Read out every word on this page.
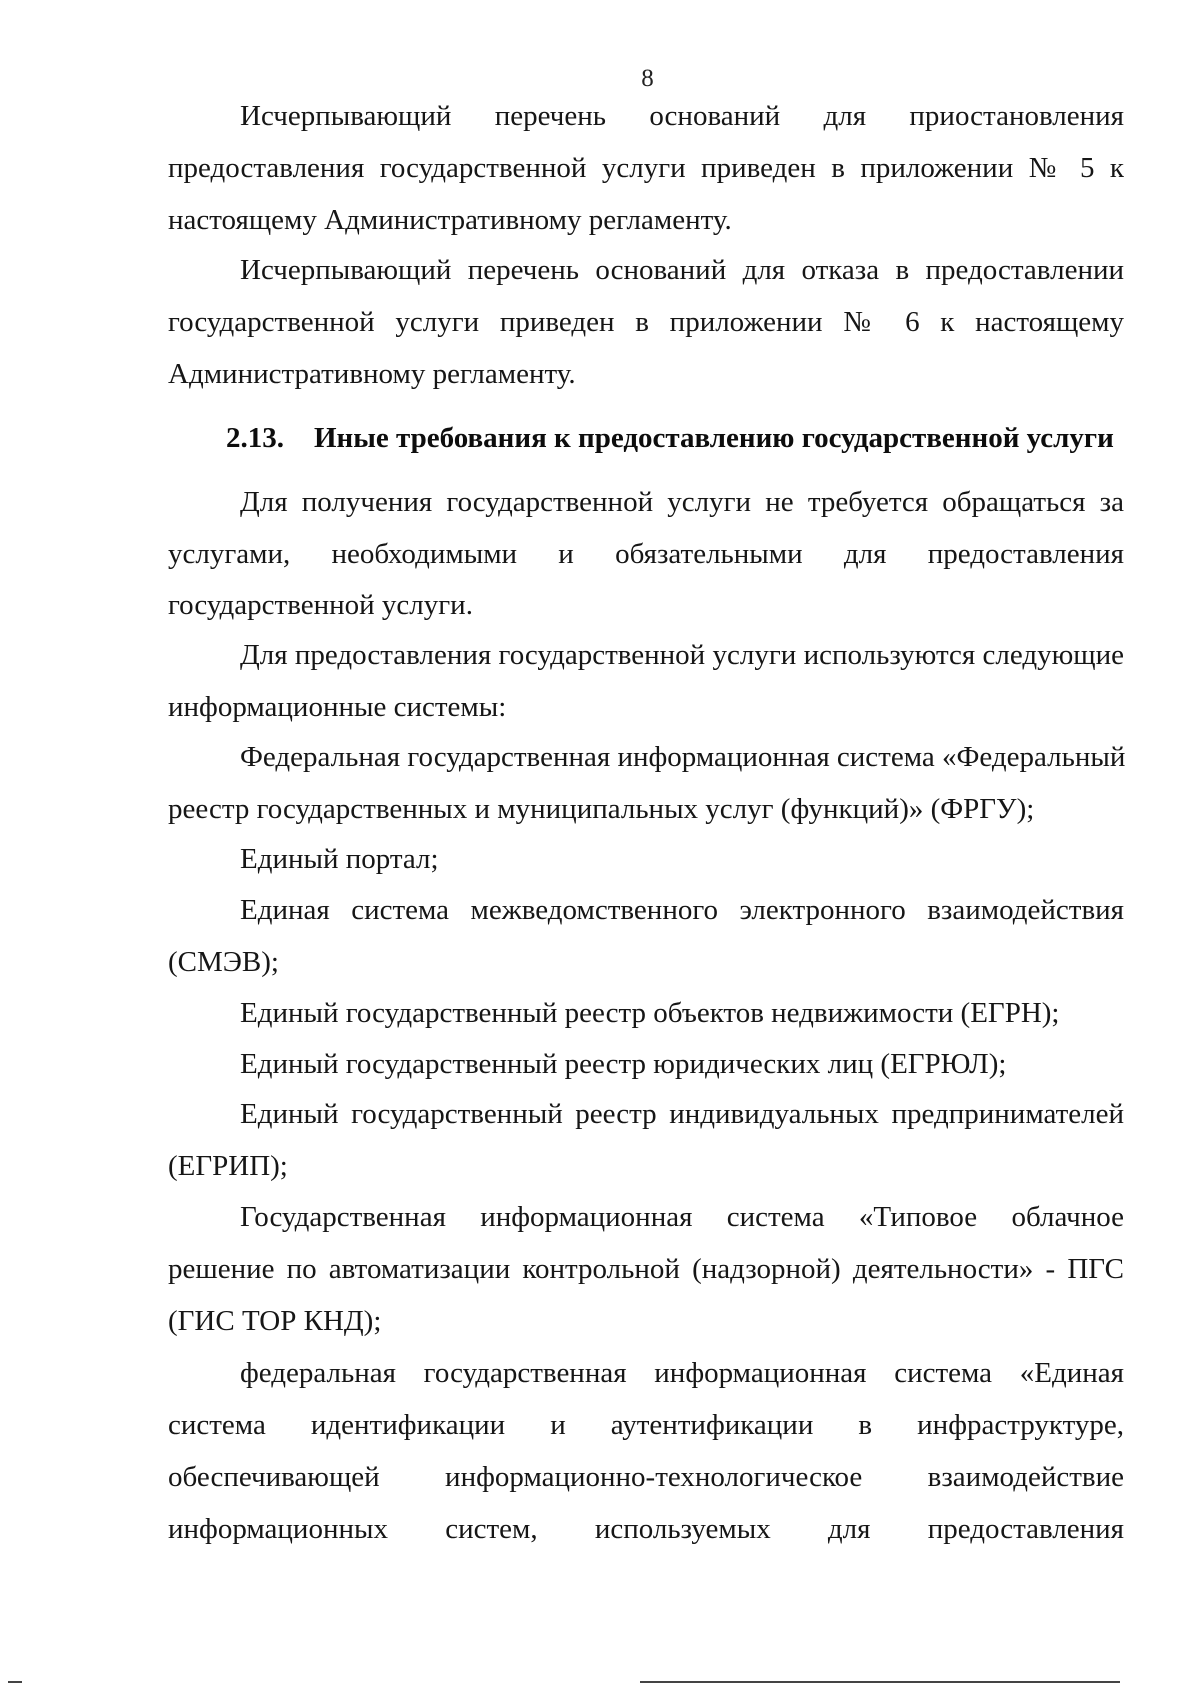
8
Исчерпывающий перечень оснований для приостановления
предоставления государственной услуги приведен в приложении № 5 к
настоящему Административному регламенту.
Исчерпывающий перечень оснований для отказа в предоставлении
государственной услуги приведен в приложении № 6 к настоящему
Административному регламенту.
2.13. Иные требования к предоставлению государственной услуги
Для получения государственной услуги не требуется обращаться за
услугами, необходимыми и обязательными для предоставления
государственной услуги.
Для предоставления государственной услуги используются следующие
информационные системы:
Федеральная государственная информационная система «Федеральный
реестр государственных и муниципальных услуг (функций)» (ФРГУ);
Единый портал;
Единая система межведомственного электронного взаимодействия
(СМЭВ);
Единый государственный реестр объектов недвижимости (ЕГРН);
Единый государственный реестр юридических лиц (ЕГРЮЛ);
Единый государственный реестр индивидуальных предпринимателей
(ЕГРИП);
Государственная информационная система «Типовое облачное
решение по автоматизации контрольной (надзорной) деятельности» - ПГС
(ГИС ТОР КНД);
федеральная государственная информационная система «Единая
система идентификации и аутентификации в инфраструктуре,
обеспечивающей информационно-технологическое взаимодействие
информационных систем, используемых для предоставления
